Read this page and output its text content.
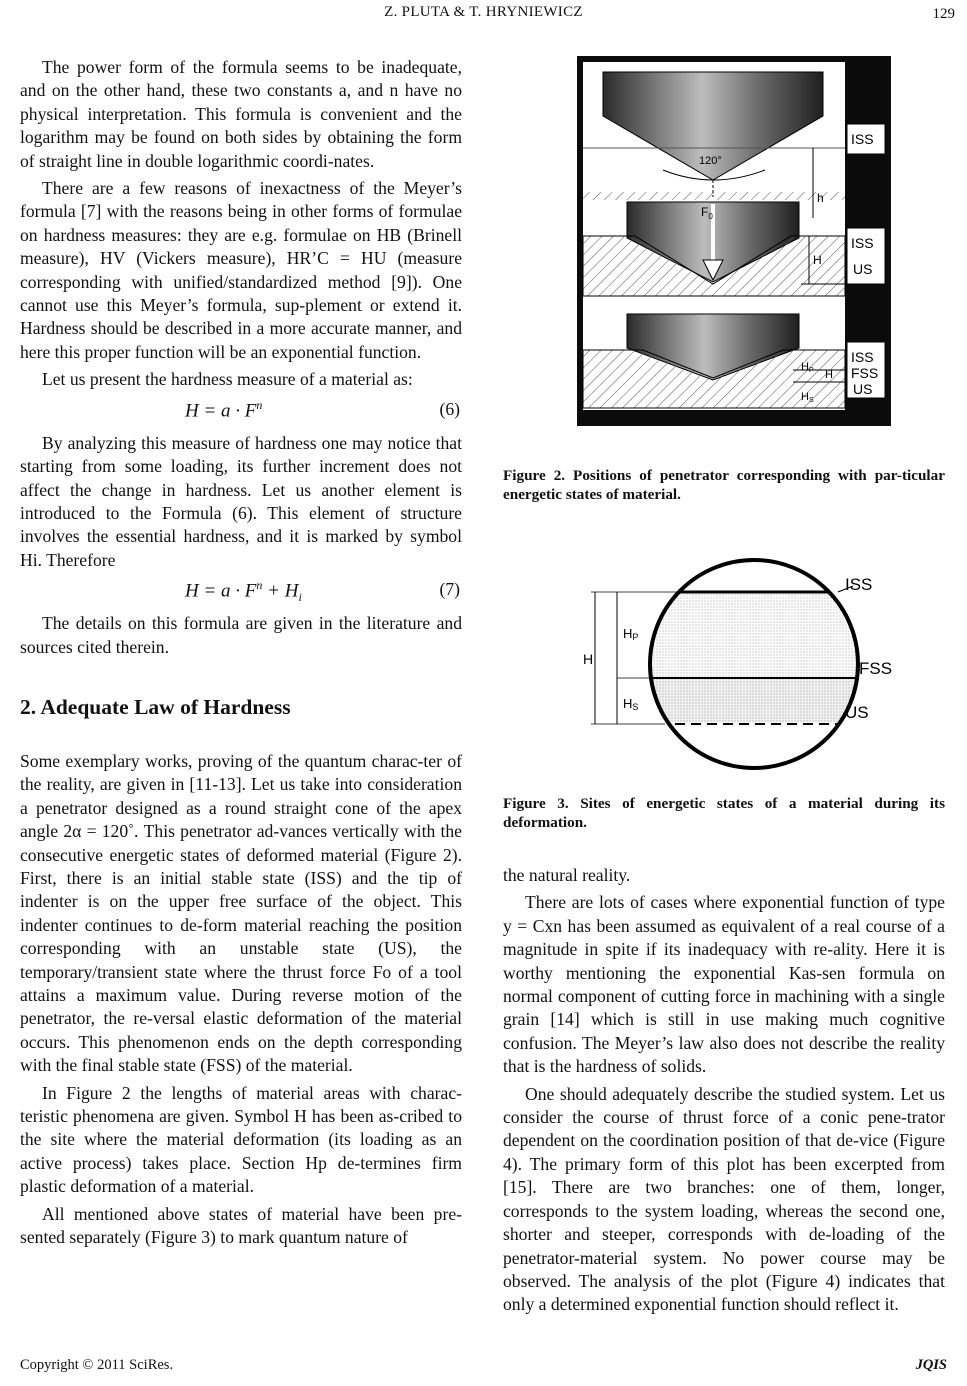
Z. PLUTA & T. HRYNIEWICZ	129

The power form of the formula seems to be inadequate, and on the other hand, these two constants a, and n have no physical interpretation. This formula is convenient and the logarithm may be found on both sides by obtaining the form of straight line in double logarithmic coordi-nates.

There are a few reasons of inexactness of the Meyer’s formula [7] with the reasons being in other forms of formulae on hardness measures: they are e.g. formulae on HB (Brinell measure), HV (Vickers measure), HR’C = HU (measure corresponding with unified/standardized method [9]). One cannot use this Meyer’s formula, sup-plement or extend it. Hardness should be described in a more accurate manner, and here this proper function will be an exponential function.

Let us present the hardness measure of a material as:

$H = a \cdot F^n$	(6)

By analyzing this measure of hardness one may notice that starting from some loading, its further increment does not affect the change in hardness. Let us another element is introduced to the Formula (6). This element of structure involves the essential hardness, and it is marked by symbol Hi. Therefore

$H = a \cdot F^n + H_i$	(7)

The details on this formula are given in the literature and sources cited therein.

2. Adequate Law of Hardness

Some exemplary works, proving of the quantum charac-ter of the reality, are given in [11-13]. Let us take into consideration a penetrator designed as a round straight cone of the apex angle 2α = 120˚. This penetrator ad-vances vertically with the consecutive energetic states of deformed material (Figure 2). First, there is an initial stable state (ISS) and the tip of indenter is on the upper free surface of the object. This indenter continues to de-form material reaching the position corresponding with an unstable state (US), the temporary/transient state where the thrust force Fo of a tool attains a maximum value. During reverse motion of the penetrator, the re-versal elastic deformation of the material occurs. This phenomenon ends on the depth corresponding with the final stable state (FSS) of the material.

In Figure 2 the lengths of material areas with charac-teristic phenomena are given. Symbol H has been as-cribed to the site where the material deformation (its loading as an active process) takes place. Section Hp de-termines firm plastic deformation of a material.

All mentioned above states of material have been pre-sented separately (Figure 3) to mark quantum nature of

120°
$F_0$
h
H
HP H
HS
ISS
ISS
US
ISS
FSS
US

Figure 2. Positions of penetrator corresponding with par-ticular energetic states of material.

H
HP
HS
ISS
FSS
US

Figure 3. Sites of energetic states of a material during its deformation.

the natural reality.

There are lots of cases where exponential function of type y = Cxn has been assumed as equivalent of a real course of a magnitude in spite if its inadequacy with re-ality. Here it is worthy mentioning the exponential Kas-sen formula on normal component of cutting force in machining with a single grain [14] which is still in use making much cognitive confusion. The Meyer’s law also does not describe the reality that is the hardness of solids.

One should adequately describe the studied system. Let us consider the course of thrust force of a conic pene-trator dependent on the coordination position of that de-vice (Figure 4). The primary form of this plot has been excerpted from [15]. There are two branches: one of them, longer, corresponds to the system loading, whereas the second one, shorter and steeper, corresponds with de-loading of the penetrator-material system. No power course may be observed. The analysis of the plot (Figure 4) indicates that only a determined exponential function should reflect it.

Copyright © 2011 SciRes.	JQIS
